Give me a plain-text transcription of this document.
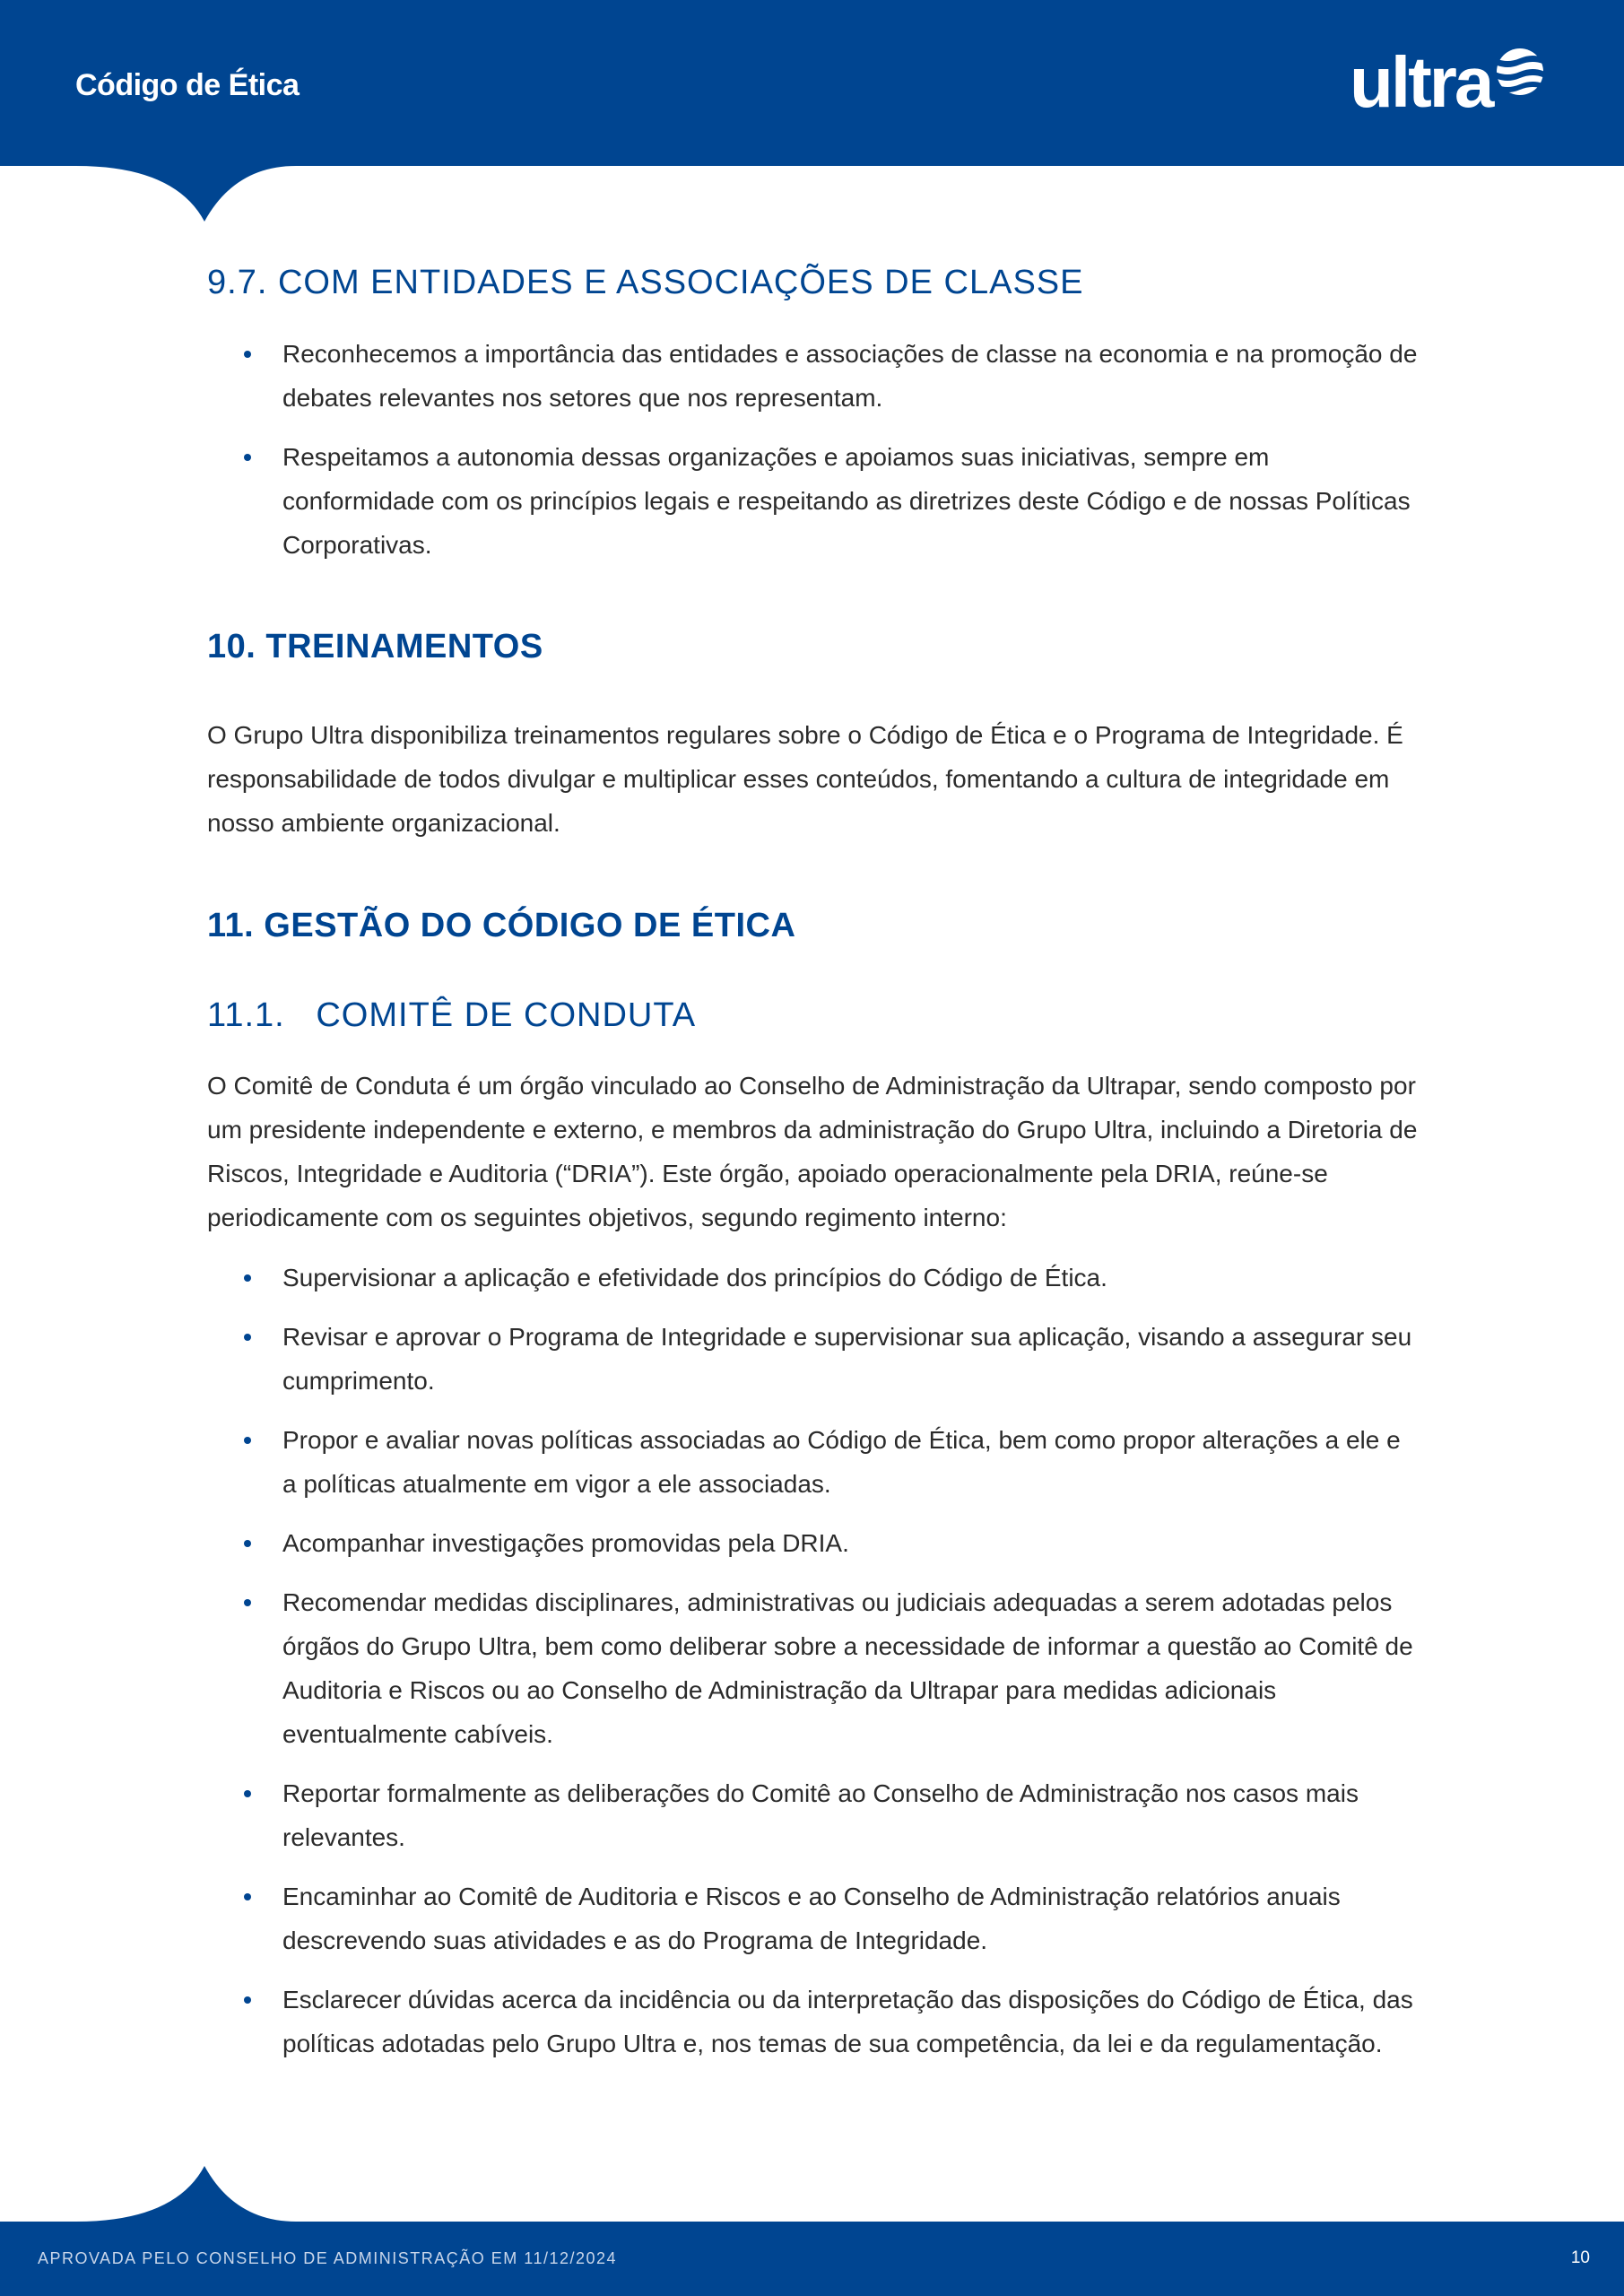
Código de Ética	ultra
9.7. COM ENTIDADES E ASSOCIAÇÕES DE CLASSE
Reconhecemos a importância das entidades e associações de classe na economia e na promoção de debates relevantes nos setores que nos representam.
Respeitamos a autonomia dessas organizações e apoiamos suas iniciativas, sempre em conformidade com os princípios legais e respeitando as diretrizes deste Código e de nossas Políticas Corporativas.
10. TREINAMENTOS

O Grupo Ultra disponibiliza treinamentos regulares sobre o Código de Ética e o Programa de Integridade. É responsabilidade de todos divulgar e multiplicar esses conteúdos, fomentando a cultura de integridade em nosso ambiente organizacional.

11. GESTÃO DO CÓDIGO DE ÉTICA
11.1.   COMITÊ DE CONDUTA

O Comitê de Conduta é um órgão vinculado ao Conselho de Administração da Ultrapar, sendo composto por um presidente independente e externo, e membros da administração do Grupo Ultra, incluindo a Diretoria de Riscos, Integridade e Auditoria (“DRIA”). Este órgão, apoiado operacionalmente pela DRIA, reúne-se periodicamente com os seguintes objetivos, segundo regimento interno:

Supervisionar a aplicação e efetividade dos princípios do Código de Ética.
Revisar e aprovar o Programa de Integridade e supervisionar sua aplicação, visando a assegurar seu cumprimento.
Propor e avaliar novas políticas associadas ao Código de Ética, bem como propor alterações a ele e a políticas atualmente em vigor a ele associadas.
Acompanhar investigações promovidas pela DRIA.
Recomendar medidas disciplinares, administrativas ou judiciais adequadas a serem adotadas pelos órgãos do Grupo Ultra, bem como deliberar sobre a necessidade de informar a questão ao Comitê de Auditoria e Riscos ou ao Conselho de Administração da Ultrapar para medidas adicionais eventualmente cabíveis.
Reportar formalmente as deliberações do Comitê ao Conselho de Administração nos casos mais relevantes.
Encaminhar ao Comitê de Auditoria e Riscos e ao Conselho de Administração relatórios anuais descrevendo suas atividades e as do Programa de Integridade.
Esclarecer dúvidas acerca da incidência ou da interpretação das disposições do Código de Ética, das políticas adotadas pelo Grupo Ultra e, nos temas de sua competência, da lei e da regulamentação.
APROVADA PELO CONSELHO DE ADMINISTRAÇÃO EM 11/12/2024	10
